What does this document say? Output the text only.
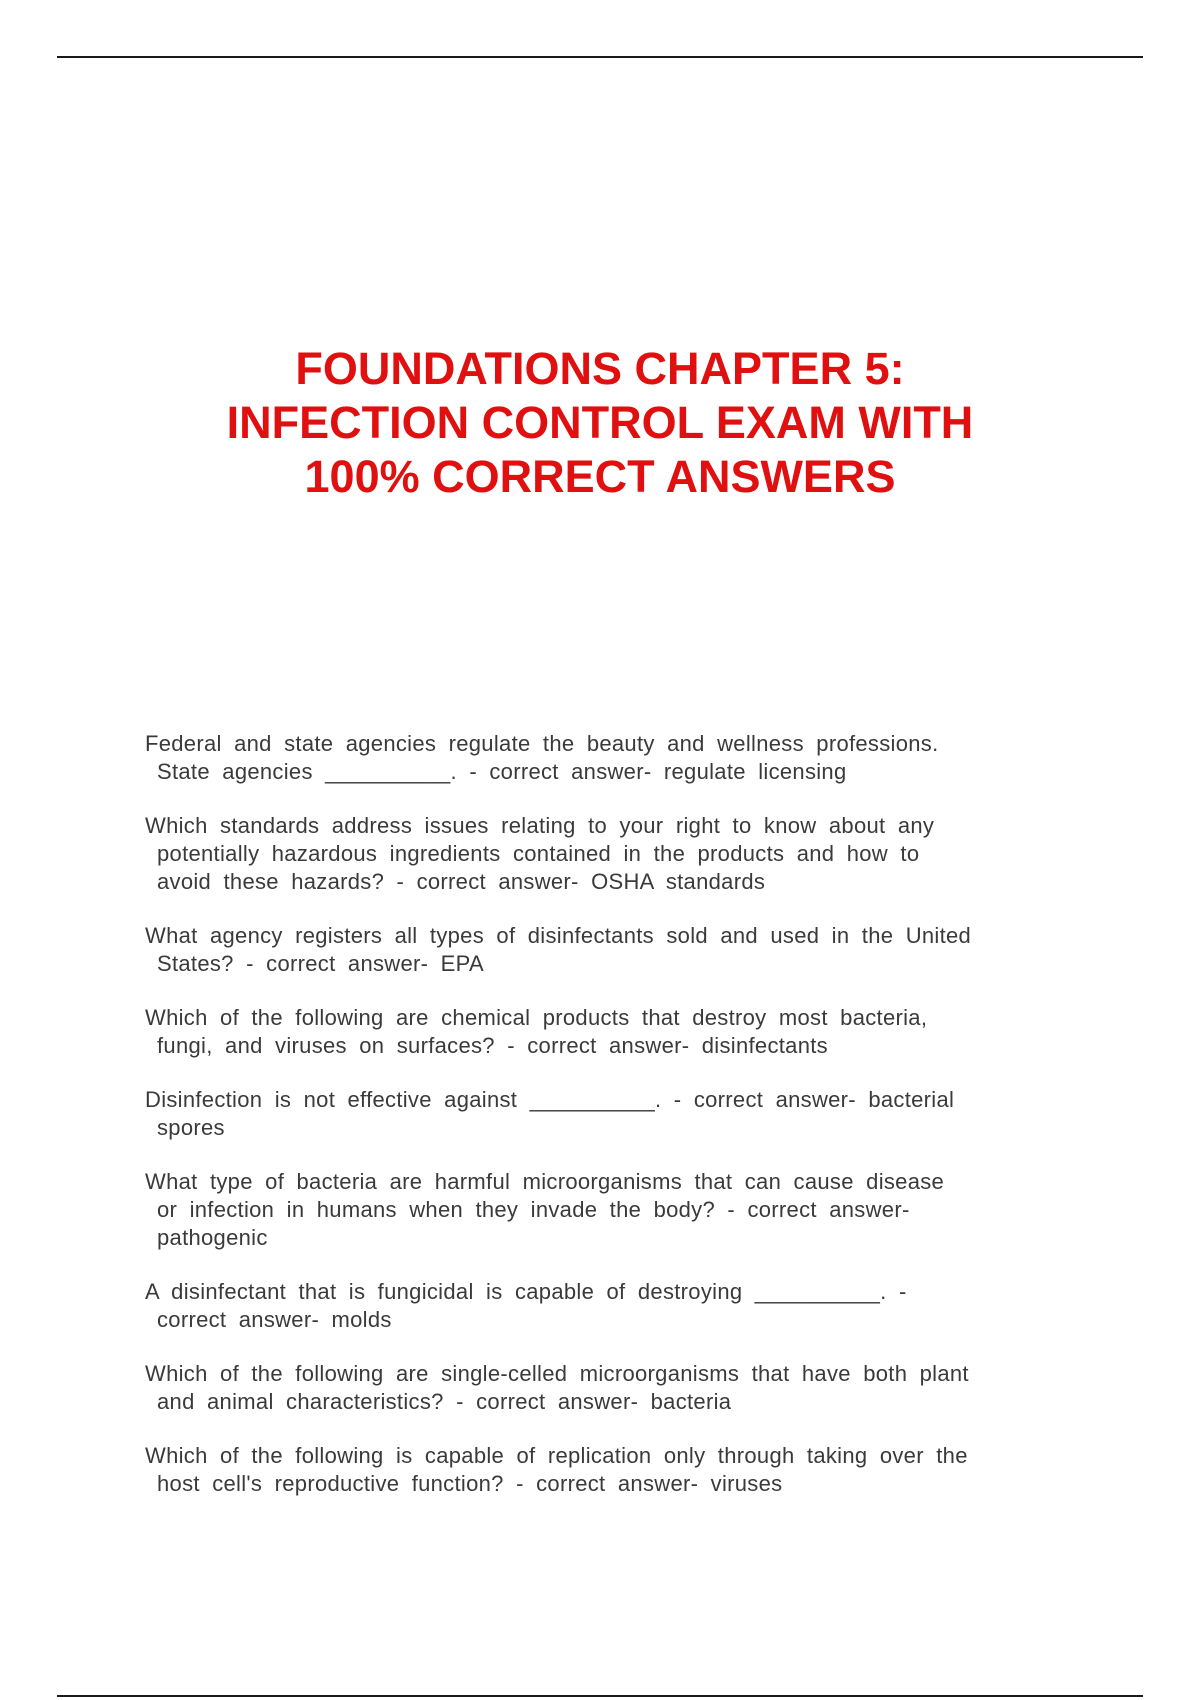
FOUNDATIONS CHAPTER 5:
INFECTION CONTROL EXAM WITH
100% CORRECT ANSWERS
Federal and state agencies regulate the beauty and wellness professions.
State agencies __________. - correct answer- regulate licensing
Which standards address issues relating to your right to know about any
potentially hazardous ingredients contained in the products and how to
avoid these hazards? - correct answer- OSHA standards
What agency registers all types of disinfectants sold and used in the United
States? - correct answer- EPA
Which of the following are chemical products that destroy most bacteria,
fungi, and viruses on surfaces? - correct answer- disinfectants
Disinfection is not effective against __________. - correct answer- bacterial
spores
What type of bacteria are harmful microorganisms that can cause disease
or infection in humans when they invade the body? - correct answer-
pathogenic
A disinfectant that is fungicidal is capable of destroying __________. -
correct answer- molds
Which of the following are single-celled microorganisms that have both plant
and animal characteristics? - correct answer- bacteria
Which of the following is capable of replication only through taking over the
host cell's reproductive function? - correct answer- viruses
